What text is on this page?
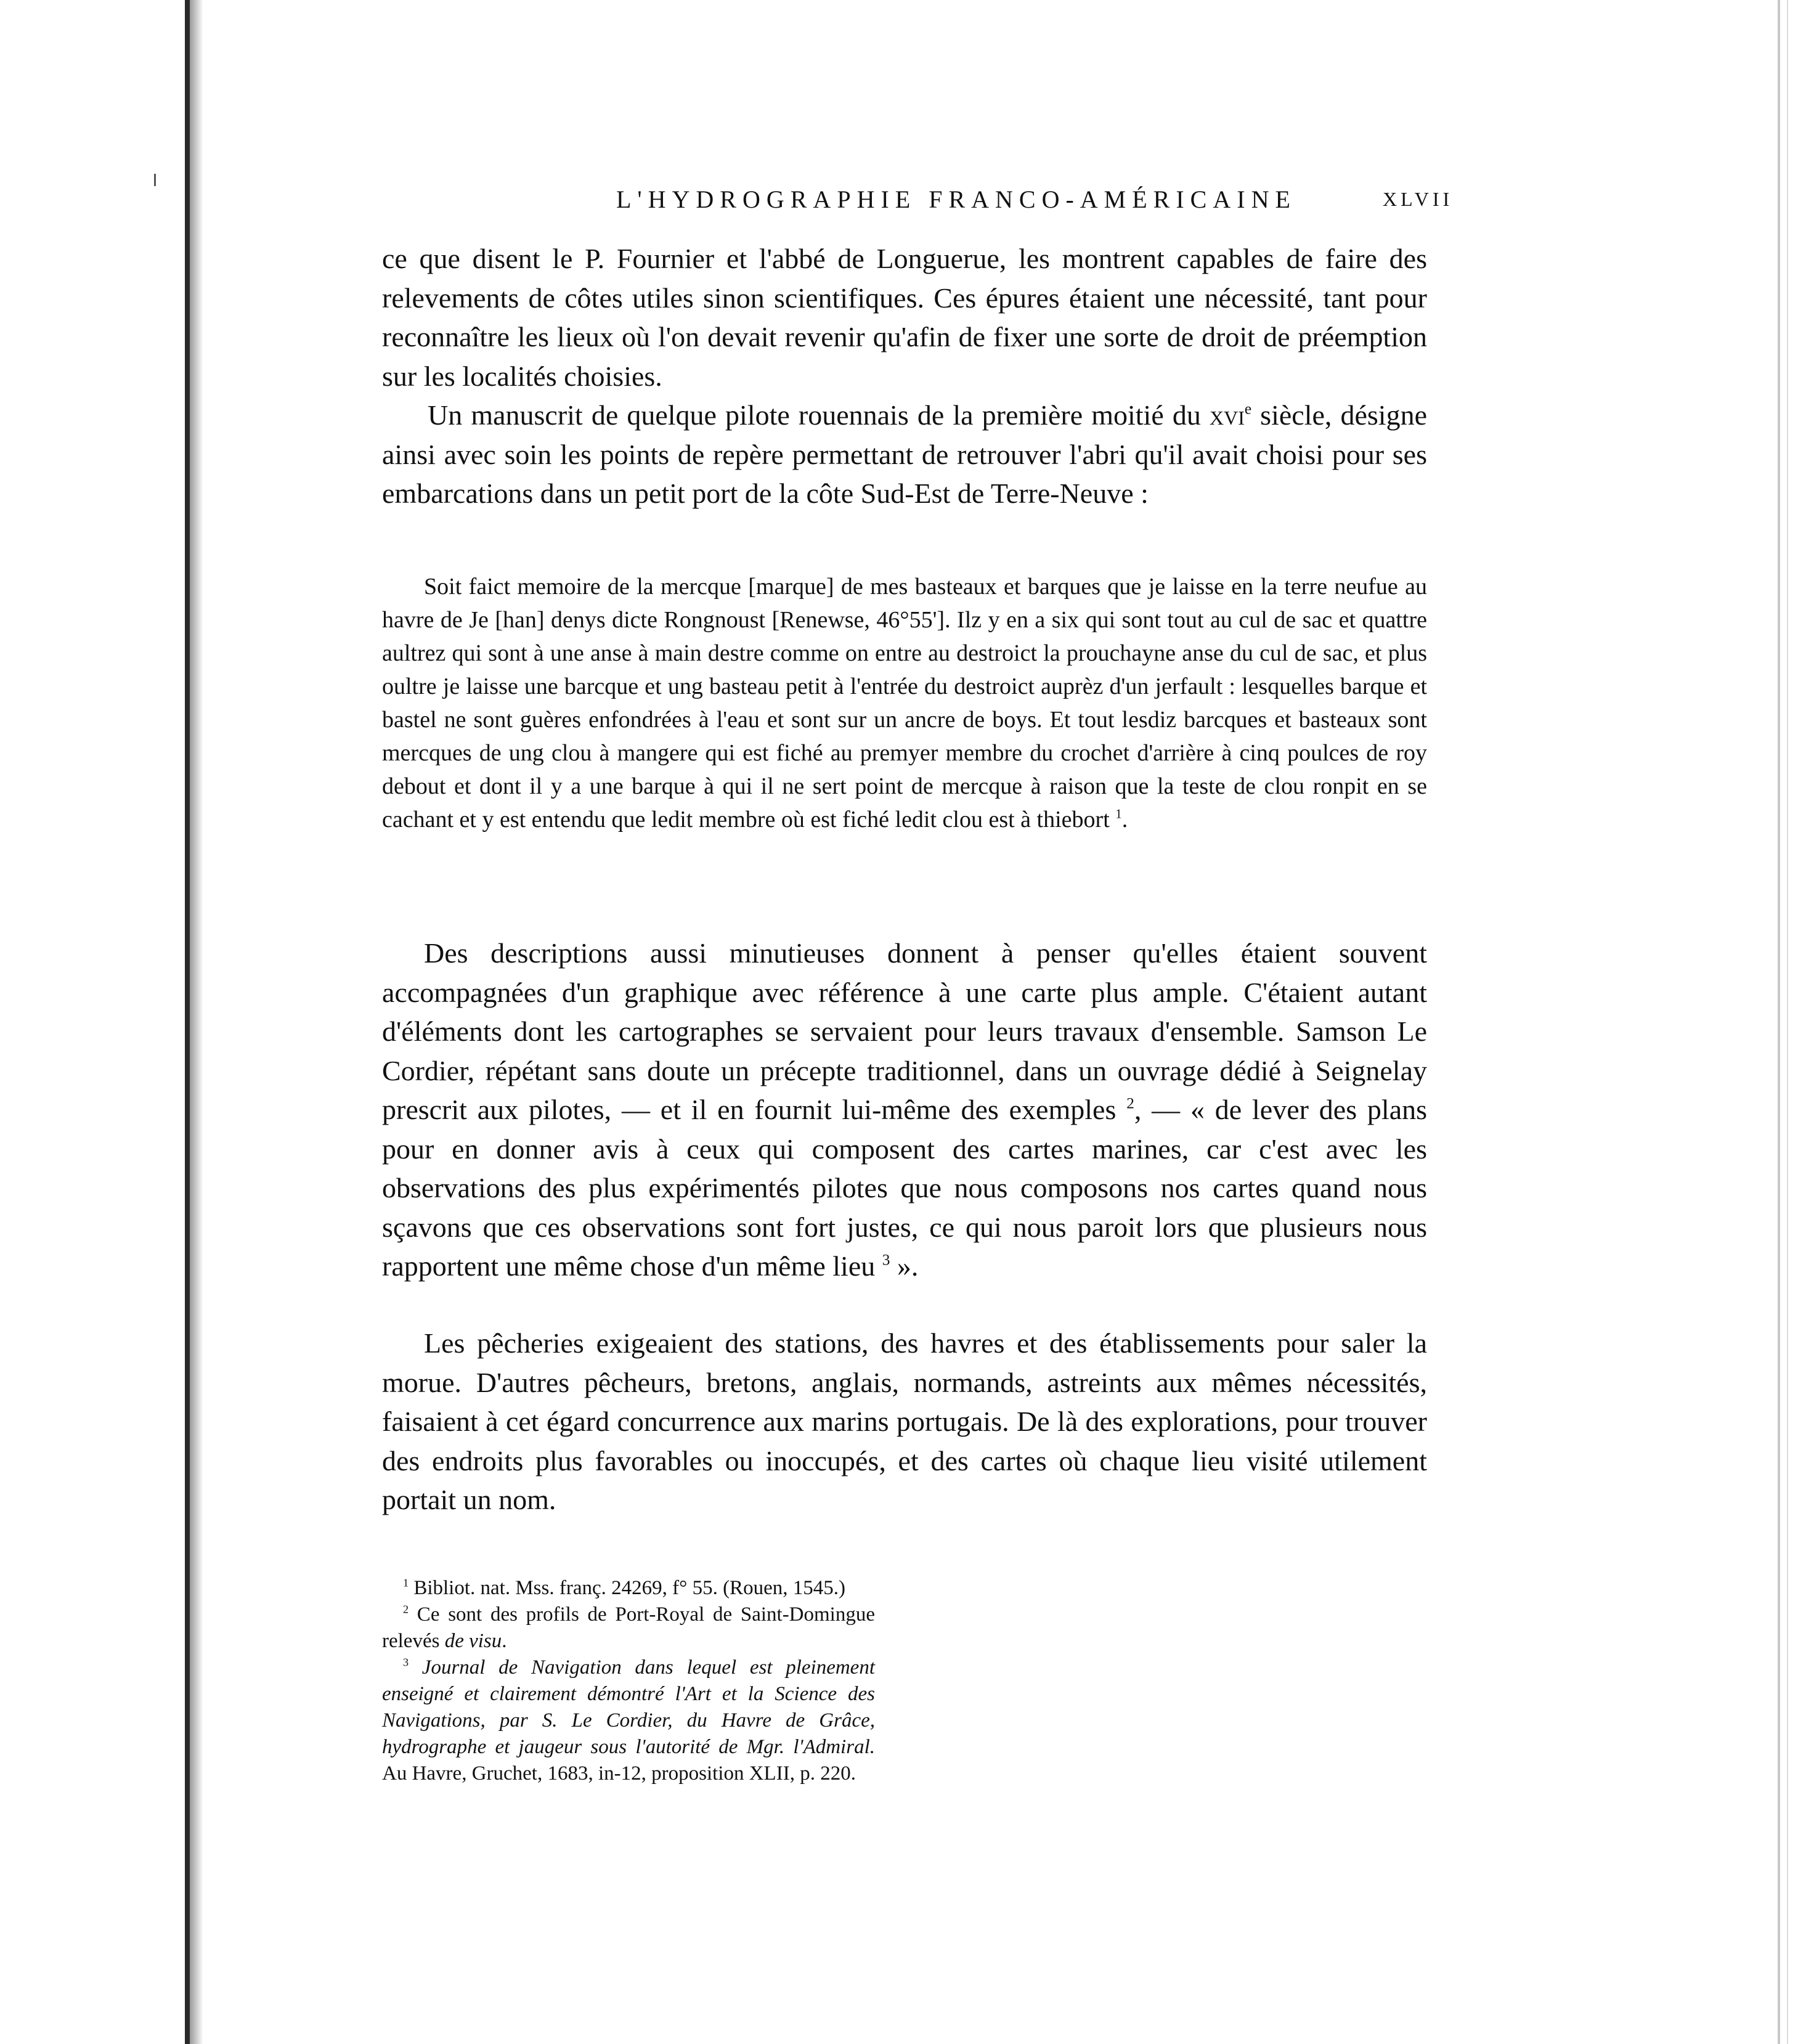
L'HYDROGRAPHIE FRANCO-AMÉRICAINE	XLVII

ce que disent le P. Fournier et l'abbé de Longuerue, les montrent capables de faire des relevements de côtes utiles sinon scientifiques. Ces épures étaient une nécessité, tant pour reconnaître les lieux où l'on devait revenir qu'afin de fixer une sorte de droit de préemption sur les localités choisies.

Un manuscrit de quelque pilote rouennais de la première moitié du xvi$^e$ siècle, désigne ainsi avec soin les points de repère permettant de retrouver l'abri qu'il avait choisi pour ses embarcations dans un petit port de la côte Sud-Est de Terre-Neuve :

Soit faict memoire de la mercque [marque] de mes basteaux et barques que je laisse en la terre neufue au havre de Je [han] denys dicte Rongnoust [Renewse, 46°55']. Ilz y en a six qui sont tout au cul de sac et quattre aultrez qui sont à une anse à main destre comme on entre au destroict la prouchayne anse du cul de sac, et plus oultre je laisse une barcque et ung basteau petit à l'entrée du destroict auprèz d'un jerfault : lesquelles barque et bastel ne sont guères enfondrées à l'eau et sont sur un ancre de boys. Et tout lesdiz barcques et basteaux sont mercques de ung clou à mangere qui est fiché au premyer membre du crochet d'arrière à cinq poulces de roy debout et dont il y a une barque à qui il ne sert point de mercque à raison que la teste de clou ronpit en se cachant et y est entendu que ledit membre où est fiché ledit clou est à thiebort $^1$.

Des descriptions aussi minutieuses donnent à penser qu'elles étaient souvent accompagnées d'un graphique avec référence à une carte plus ample. C'étaient autant d'éléments dont les cartographes se servaient pour leurs travaux d'ensemble. Samson Le Cordier, répétant sans doute un précepte traditionnel, dans un ouvrage dédié à Seignelay prescrit aux pilotes, — et il en fournit lui-même des exemples $^2$, — « de lever des plans pour en donner avis à ceux qui composent des cartes marines, car c'est avec les observations des plus expérimentés pilotes que nous composons nos cartes quand nous sçavons que ces observations sont fort justes, ce qui nous paroit lors que plusieurs nous rapportent une même chose d'un même lieu $^3$ ».

Les pêcheries exigeaient des stations, des havres et des établissements pour saler la morue. D'autres pêcheurs, bretons, anglais, normands, astreints aux mêmes nécessités, faisaient à cet égard concurrence aux marins portugais. De là des explorations, pour trouver des endroits plus favorables ou inoccupés, et des cartes où chaque lieu visité utilement portait un nom.

$^1$ Bibliot. nat. Mss. franç. 24269, f° 55. (Rouen, 1545.)

$^2$ Ce sont des profils de Port-Royal de Saint-Domingue relevés de visu.

$^3$ Journal de Navigation dans lequel est pleinement enseigné et clairement démontré l'Art et la Science des Navigations, par S. Le Cordier, du Havre de Grâce, hydrographe et jaugeur sous l'autorité de Mgr. l'Admiral. Au Havre, Gruchet, 1683, in-12, proposition XLII, p. 220.
